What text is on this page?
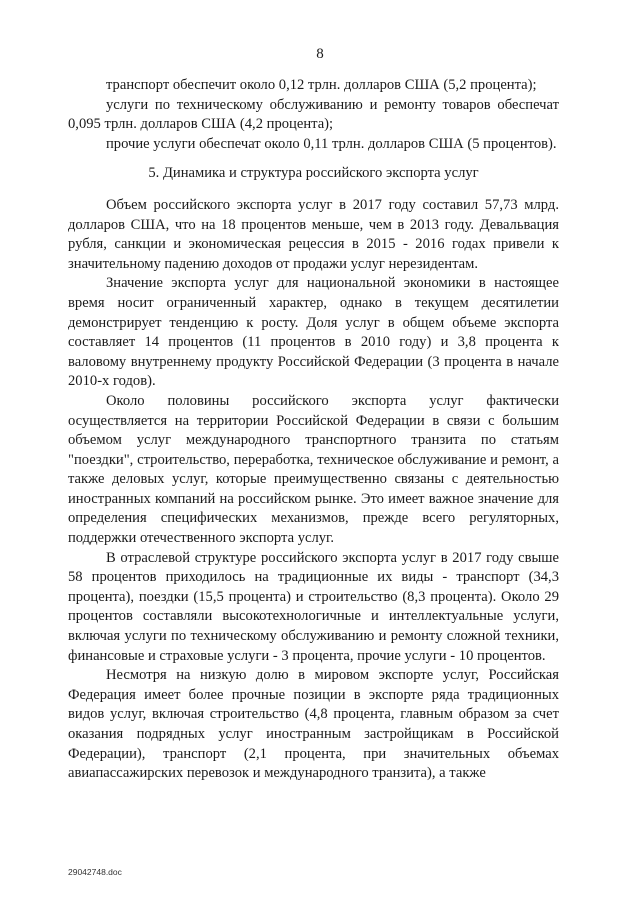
8

транспорт обеспечит около 0,12 трлн. долларов США (5,2 процента);

услуги по техническому обслуживанию и ремонту товаров обеспечат 0,095 трлн. долларов США (4,2 процента);

прочие услуги обеспечат около 0,11 трлн. долларов США (5 процентов).

5. Динамика и структура российского экспорта услуг

Объем российского экспорта услуг в 2017 году составил 57,73 млрд. долларов США, что на 18 процентов меньше, чем в 2013 году. Девальвация рубля, санкции и экономическая рецессия в 2015 - 2016 годах привели к значительному падению доходов от продажи услуг нерезидентам.

Значение экспорта услуг для национальной экономики в настоящее время носит ограниченный характер, однако в текущем десятилетии демонстрирует тенденцию к росту. Доля услуг в общем объеме экспорта составляет 14 процентов (11 процентов в 2010 году) и 3,8 процента к валовому внутреннему продукту Российской Федерации (3 процента в начале 2010-х годов).

Около половины российского экспорта услуг фактически осуществляется на территории Российской Федерации в связи с большим объемом услуг международного транспортного транзита по статьям "поездки", строительство, переработка, техническое обслуживание и ремонт, а также деловых услуг, которые преимущественно связаны с деятельностью иностранных компаний на российском рынке. Это имеет важное значение для определения специфических механизмов, прежде всего регуляторных, поддержки отечественного экспорта услуг.

В отраслевой структуре российского экспорта услуг в 2017 году свыше 58 процентов приходилось на традиционные их виды - транспорт (34,3 процента), поездки (15,5 процента) и строительство (8,3 процента). Около 29 процентов составляли высокотехнологичные и интеллектуальные услуги, включая услуги по техническому обслуживанию и ремонту сложной техники, финансовые и страховые услуги - 3 процента, прочие услуги - 10 процентов.

Несмотря на низкую долю в мировом экспорте услуг, Российская Федерация имеет более прочные позиции в экспорте ряда традиционных видов услуг, включая строительство (4,8 процента, главным образом за счет оказания подрядных услуг иностранным застройщикам в Российской Федерации), транспорт (2,1 процента, при значительных объемах авиапассажирских перевозок и международного транзита), а также

29042748.doc
